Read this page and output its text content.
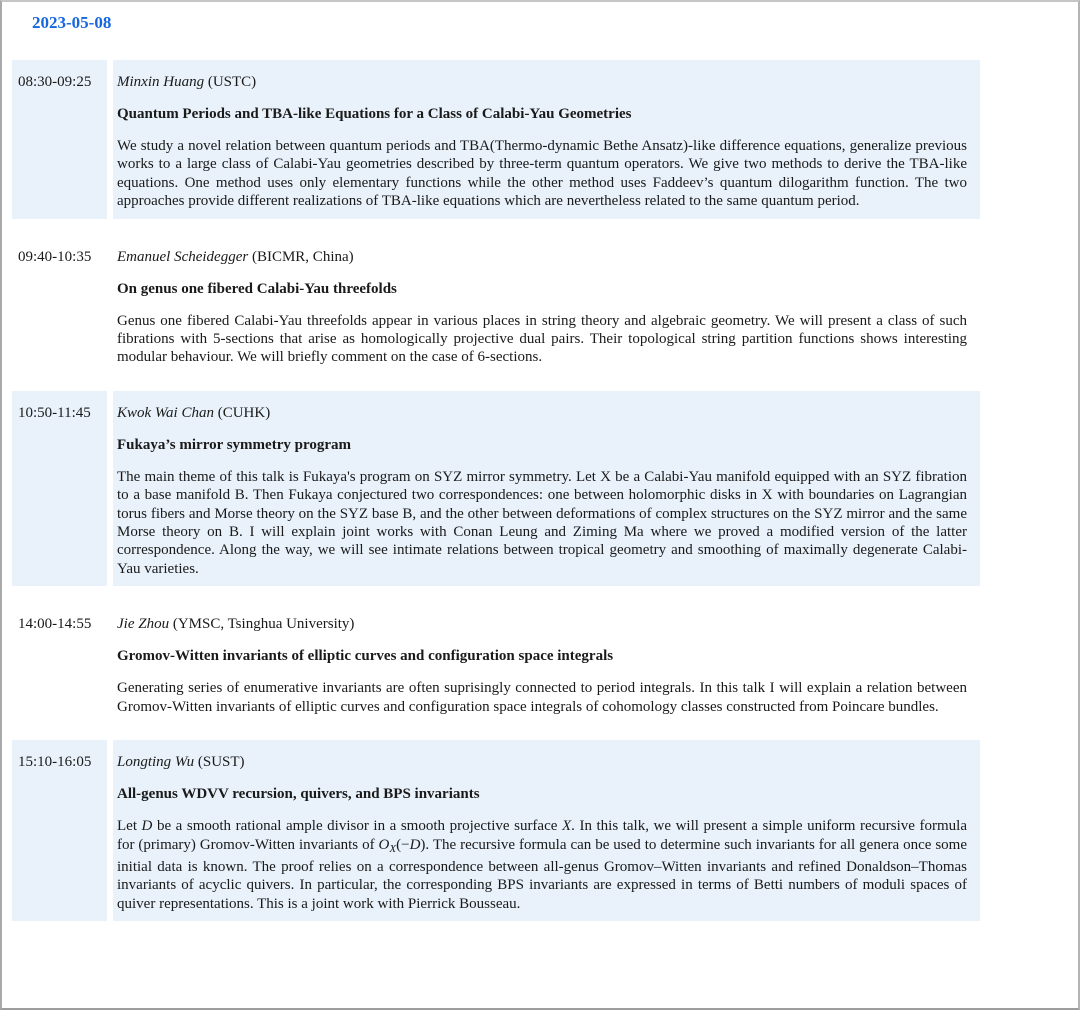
2023-05-08
08:30-09:25	Minxin Huang (USTC)

Quantum Periods and TBA-like Equations for a Class of Calabi-Yau Geometries

We study a novel relation between quantum periods and TBA(Thermo-dynamic Bethe Ansatz)-like difference equations, generalize previous works to a large class of Calabi-Yau geometries described by three-term quantum operators. We give two methods to derive the TBA-like equations. One method uses only elementary functions while the other method uses Faddeev’s quantum dilogarithm function. The two approaches provide different realizations of TBA-like equations which are nevertheless related to the same quantum period.

09:40-10:35	Emanuel Scheidegger (BICMR, China)

On genus one fibered Calabi-Yau threefolds

Genus one fibered Calabi-Yau threefolds appear in various places in string theory and algebraic geometry. We will present a class of such fibrations with 5-sections that arise as homologically projective dual pairs. Their topological string partition functions shows interesting modular behaviour. We will briefly comment on the case of 6-sections.

10:50-11:45	Kwok Wai Chan (CUHK)

Fukaya’s mirror symmetry program

The main theme of this talk is Fukaya's program on SYZ mirror symmetry. Let X be a Calabi-Yau manifold equipped with an SYZ fibration to a base manifold B. Then Fukaya conjectured two correspondences: one between holomorphic disks in X with boundaries on Lagrangian torus fibers and Morse theory on the SYZ base B, and the other between deformations of complex structures on the SYZ mirror and the same Morse theory on B. I will explain joint works with Conan Leung and Ziming Ma where we proved a modified version of the latter correspondence. Along the way, we will see intimate relations between tropical geometry and smoothing of maximally degenerate Calabi-Yau varieties.

14:00-14:55	Jie Zhou (YMSC, Tsinghua University)

Gromov-Witten invariants of elliptic curves and configuration space integrals

Generating series of enumerative invariants are often suprisingly connected to period integrals. In this talk I will explain a relation between Gromov-Witten invariants of elliptic curves and configuration space integrals of cohomology classes constructed from Poincare bundles.

15:10-16:05	Longting Wu (SUST)

All-genus WDVV recursion, quivers, and BPS invariants

Let D be a smooth rational ample divisor in a smooth projective surface X. In this talk, we will present a simple uniform recursive formula for (primary) Gromov-Witten invariants of $O_X(-D)$. The recursive formula can be used to determine such invariants for all genera once some initial data is known. The proof relies on a correspondence between all-genus Gromov–Witten invariants and refined Donaldson–Thomas invariants of acyclic quivers. In particular, the corresponding BPS invariants are expressed in terms of Betti numbers of moduli spaces of quiver representations. This is a joint work with Pierrick Bousseau.
